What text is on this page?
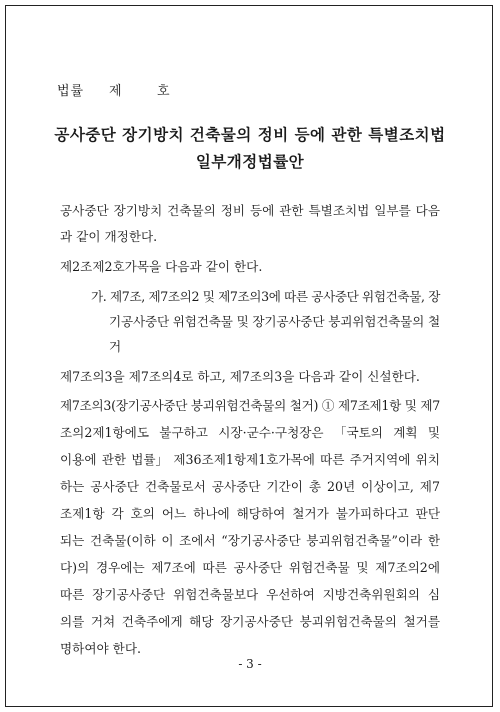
법률 제	호
공사중단 장기방치 건축물의 정비 등에 관한 특별조치법
일부개정법률안
공사중단 장기방치 건축물의 정비 등에 관한 특별조치법 일부를 다음
과 같이 개정한다.
제2조제2호가목을 다음과 같이 한다.
가. 제7조, 제7조의2 및 제7조의3에 따른 공사중단 위험건축물, 장
기공사중단 위험건축물 및 장기공사중단 붕괴위험건축물의 철
거
제7조의3을 제7조의4로 하고, 제7조의3을 다음과 같이 신설한다.
제7조의3(장기공사중단 붕괴위험건축물의 철거) ① 제7조제1항 및 제7
조의2제1항에도 불구하고 시장·군수·구청장은 「국토의 계획 및
이용에 관한 법률」 제36조제1항제1호가목에 따른 주거지역에 위치
하는 공사중단 건축물로서 공사중단 기간이 총 20년 이상이고, 제7
조제1항 각 호의 어느 하나에 해당하여 철거가 불가피하다고 판단
되는 건축물(이하 이 조에서 “장기공사중단 붕괴위험건축물”이라 한
다)의 경우에는 제7조에 따른 공사중단 위험건축물 및 제7조의2에
따른 장기공사중단 위험건축물보다 우선하여 지방건축위원회의 심
의를 거쳐 건축주에게 해당 장기공사중단 붕괴위험건축물의 철거를
명하여야 한다.
- 3 -
